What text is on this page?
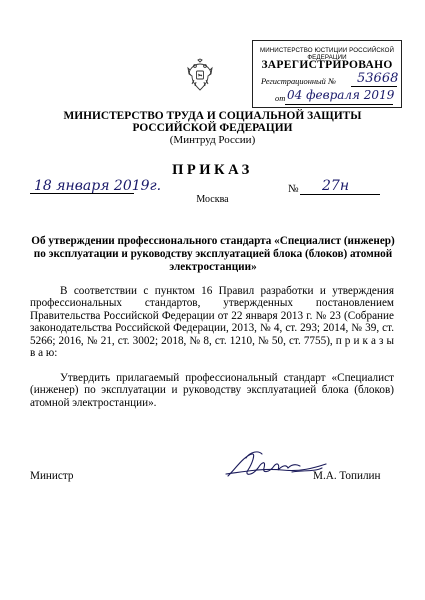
МИНИСТЕРСТВО ЮСТИЦИИ РОССИЙСКОЙ ФЕДЕРАЦИИ
ЗАРЕГИСТРИРОВАНО
Регистрационный № 53668
от 04 февраля 2019
МИНИСТЕРСТВО ТРУДА И СОЦИАЛЬНОЙ ЗАЩИТЫ
РОССИЙСКОЙ ФЕДЕРАЦИИ
(Минтруд России)
ПРИКАЗ
18 января 2019г.	№ 27н
Москва
Об утверждении профессионального стандарта «Специалист (инженер) по эксплуатации и руководству эксплуатацией блока (блоков) атомной электростанции»
В соответствии с пунктом 16 Правил разработки и утверждения профессиональных стандартов, утвержденных постановлением Правительства Российской Федерации от 22 января 2013 г. № 23 (Собрание законодательства Российской Федерации, 2013, № 4, ст. 293; 2014, № 39, ст. 5266; 2016, № 21, ст. 3002; 2018, № 8, ст. 1210, № 50, ст. 7755), п р и к а з ы в а ю:
Утвердить прилагаемый профессиональный стандарт «Специалист (инженер) по эксплуатации и руководству эксплуатацией блока (блоков) атомной электростанции».
Министр	М.А. Топилин
